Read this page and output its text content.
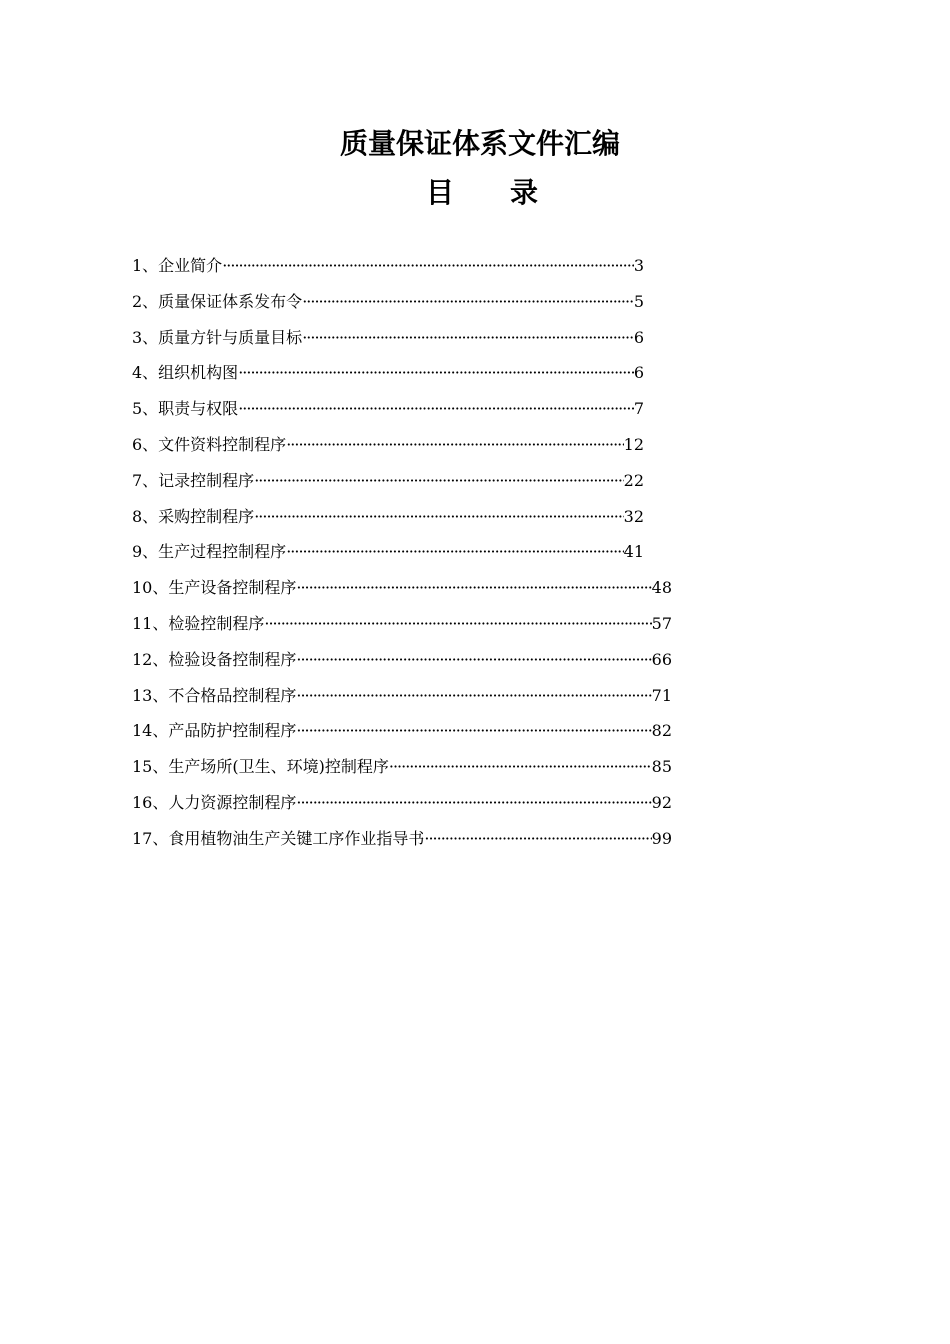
质量保证体系文件汇编
目 录
1、企业简介 ·····	3
2、质量保证体系发布令 ·····	5
3、质量方针与质量目标 ·····	6
4、组织机构图 ·····	6
5、职责与权限 ·····	7
6、文件资料控制程序 ·····	12
7、记录控制程序 ·····	22
8、采购控制程序 ·····	32
9、生产过程控制程序 ·····	41
10、生产设备控制程序 ·····	48
11、检验控制程序 ·····	57
12、检验设备控制程序 ·····	66
13、不合格品控制程序 ·····	71
14、产品防护控制程序 ·····	82
15、生产场所(卫生、环境)控制程序 ·····	85
16、人力资源控制程序 ·····	92
17、食用植物油生产关键工序作业指导书 ·····	99
